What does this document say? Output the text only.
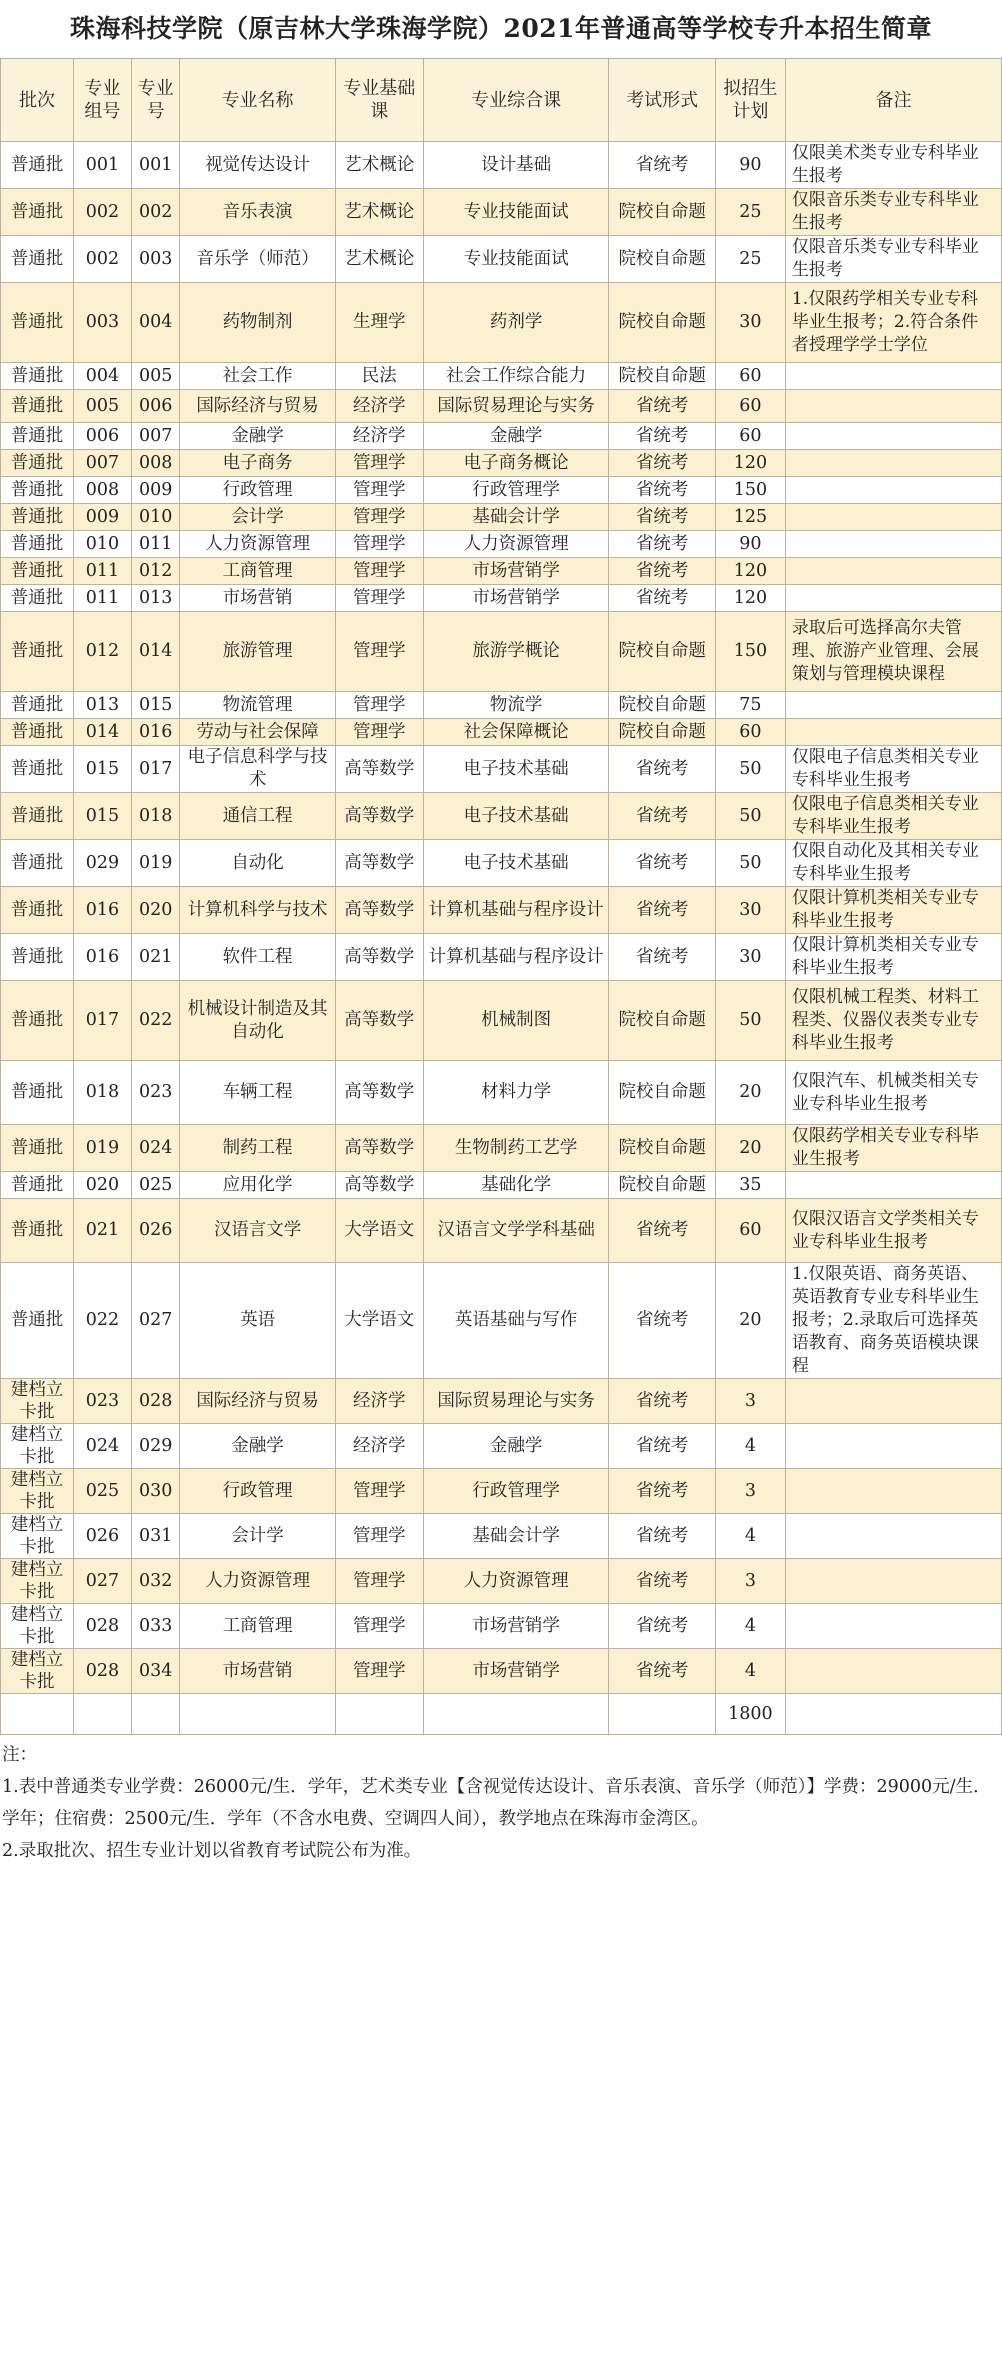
珠海科技学院（原吉林大学珠海学院）2021年普通高等学校专升本招生简章
批次	专业组号	专业号	专业名称	专业基础课	专业综合课	考试形式	拟招生计划	备注
普通批	001	001	视觉传达设计	艺术概论	设计基础	省统考	90	仅限美术类专业专科毕业生报考
普通批	002	002	音乐表演	艺术概论	专业技能面试	院校自命题	25	仅限音乐类专业专科毕业生报考
普通批	002	003	音乐学（师范）	艺术概论	专业技能面试	院校自命题	25	仅限音乐类专业专科毕业生报考
普通批	003	004	药物制剂	生理学	药剂学	院校自命题	30	1.仅限药学相关专业专科毕业生报考；2.符合条件者授理学学士学位
普通批	004	005	社会工作	民法	社会工作综合能力	院校自命题	60	
普通批	005	006	国际经济与贸易	经济学	国际贸易理论与实务	省统考	60	
普通批	006	007	金融学	经济学	金融学	省统考	60	
普通批	007	008	电子商务	管理学	电子商务概论	省统考	120	
普通批	008	009	行政管理	管理学	行政管理学	省统考	150	
普通批	009	010	会计学	管理学	基础会计学	省统考	125	
普通批	010	011	人力资源管理	管理学	人力资源管理	省统考	90	
普通批	011	012	工商管理	管理学	市场营销学	省统考	120	
普通批	011	013	市场营销	管理学	市场营销学	省统考	120	
普通批	012	014	旅游管理	管理学	旅游学概论	院校自命题	150	录取后可选择高尔夫管理、旅游产业管理、会展策划与管理模块课程
普通批	013	015	物流管理	管理学	物流学	院校自命题	75	
普通批	014	016	劳动与社会保障	管理学	社会保障概论	院校自命题	60	
普通批	015	017	电子信息科学与技术	高等数学	电子技术基础	省统考	50	仅限电子信息类相关专业专科毕业生报考
普通批	015	018	通信工程	高等数学	电子技术基础	省统考	50	仅限电子信息类相关专业专科毕业生报考
普通批	029	019	自动化	高等数学	电子技术基础	省统考	50	仅限自动化及其相关专业专科毕业生报考
普通批	016	020	计算机科学与技术	高等数学	计算机基础与程序设计	省统考	30	仅限计算机类相关专业专科毕业生报考
普通批	016	021	软件工程	高等数学	计算机基础与程序设计	省统考	30	仅限计算机类相关专业专科毕业生报考
普通批	017	022	机械设计制造及其自动化	高等数学	机械制图	院校自命题	50	仅限机械工程类、材料工程类、仪器仪表类专业专科毕业生报考
普通批	018	023	车辆工程	高等数学	材料力学	院校自命题	20	仅限汽车、机械类相关专业专科毕业生报考
普通批	019	024	制药工程	高等数学	生物制药工艺学	院校自命题	20	仅限药学相关专业专科毕业生报考
普通批	020	025	应用化学	高等数学	基础化学	院校自命题	35	
普通批	021	026	汉语言文学	大学语文	汉语言文学学科基础	省统考	60	仅限汉语言文学类相关专业专科毕业生报考
普通批	022	027	英语	大学语文	英语基础与写作	省统考	20	1.仅限英语、商务英语、英语教育专业专科毕业生报考；2.录取后可选择英语教育、商务英语模块课程
建档立卡批	023	028	国际经济与贸易	经济学	国际贸易理论与实务	省统考	3	
建档立卡批	024	029	金融学	经济学	金融学	省统考	4	
建档立卡批	025	030	行政管理	管理学	行政管理学	省统考	3	
建档立卡批	026	031	会计学	管理学	基础会计学	省统考	4	
建档立卡批	027	032	人力资源管理	管理学	人力资源管理	省统考	3	
建档立卡批	028	033	工商管理	管理学	市场营销学	省统考	4	
建档立卡批	028	034	市场营销	管理学	市场营销学	省统考	4	
							1800	
注：
1.表中普通类专业学费：26000元/生．学年，艺术类专业【含视觉传达设计、音乐表演、音乐学（师范）】学费：29000元/生．学年；住宿费：2500元/生．学年（不含水电费、空调四人间），教学地点在珠海市金湾区。
2.录取批次、招生专业计划以省教育考试院公布为准。
